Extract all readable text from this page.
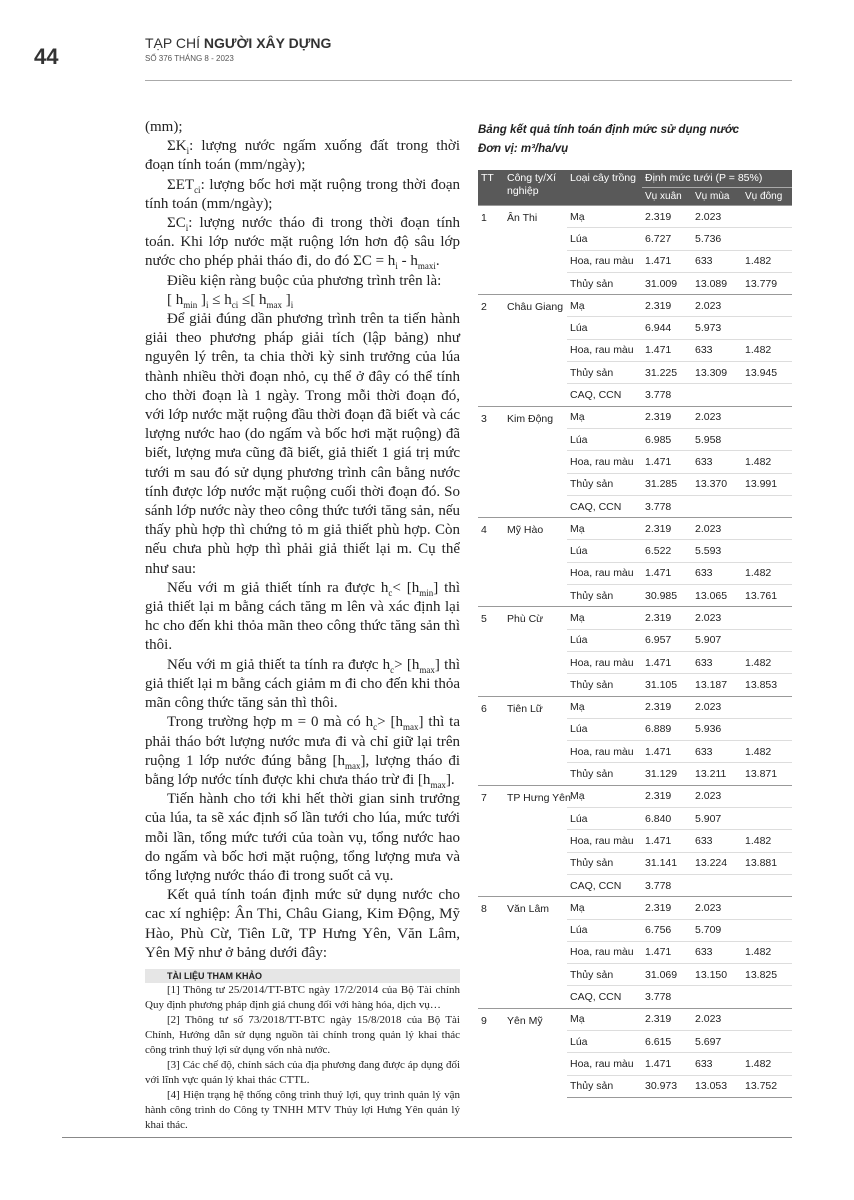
44
TẠP CHÍ NGƯỜI XÂY DỰNG
SỐ 376 THÁNG 8 - 2023

(mm);

$\Sigma K_i$: lượng nước ngấm xuống đất trong thời đoạn tính toán (mm/ngày);

$\Sigma ET_{ci}$: lượng bốc hơi mặt ruộng trong thời đoạn tính toán (mm/ngày);

$\Sigma C_i$: lượng nước tháo đi trong thời đoạn tính toán. Khi lớp nước mặt ruộng lớn hơn độ sâu lớp nước cho phép phải tháo đi, do đó $\Sigma C = h_i - h_{maxi}$.

Điều kiện ràng buộc của phương trình trên là:

[ $h_{min}$ ]$_i \le h_{ci}$ ≤[ $h_{max}$ ]$_i$

Để giải đúng dần phương trình trên ta tiến hành giải theo phương pháp giải tích (lập bảng) như nguyên lý trên, ta chia thời kỳ sinh trưởng của lúa thành nhiều thời đoạn nhỏ, cụ thể ở đây có thể tính cho thời đoạn là 1 ngày. Trong mỗi thời đoạn đó, với lớp nước mặt ruộng đầu thời đoạn đã biết và các lượng nước hao (do ngấm và bốc hơi mặt ruộng) đã biết, lượng mưa cũng đã biết, giả thiết 1 giá trị mức tưới m sau đó sử dụng phương trình cân bằng nước tính được lớp nước mặt ruộng cuối thời đoạn đó. So sánh lớp nước này theo công thức tưới tăng sản, nếu thấy phù hợp thì chứng tỏ m giả thiết phù hợp. Còn nếu chưa phù hợp thì phải giả thiết lại m. Cụ thể như sau:

Nếu với m giả thiết tính ra được $h_c< [h_{min}]$ thì giả thiết lại m bằng cách tăng m lên và xác định lại hc cho đến khi thỏa mãn theo công thức tăng sản thì thôi.

Nếu với m giả thiết ta tính ra được $h_c> [h_{max}]$ thì giả thiết lại m bằng cách giảm m đi cho đến khi thỏa mãn công thức tăng sản thì thôi.

Trong trường hợp m = 0 mà có $h_c> [h_{max}]$ thì ta phải tháo bớt lượng nước mưa đi và chỉ giữ lại trên ruộng 1 lớp nước đúng bằng $[h_{max}]$, lượng tháo đi bằng lớp nước tính được khi chưa tháo trừ đi $[h_{max}]$.

Tiến hành cho tới khi hết thời gian sinh trưởng của lúa, ta sẽ xác định số lần tưới cho lúa, mức tưới mỗi lần, tổng mức tưới của toàn vụ, tổng nước hao do ngấm và bốc hơi mặt ruộng, tổng lượng mưa và tổng lượng nước tháo đi trong suốt cả vụ.

Kết quả tính toán định mức sử dụng nước cho cac xí nghiệp: Ân Thi, Châu Giang, Kim Động, Mỹ Hào, Phù Cừ, Tiên Lữ, TP Hưng Yên, Văn Lâm, Yên Mỹ như ở bảng dưới đây:

TÀI LIỆU THAM KHẢO

[1] Thông tư 25/2014/TT-BTC ngày 17/2/2014 của Bộ Tài chính Quy định phương pháp định giá chung đối với hàng hóa, dịch vụ…

[2] Thông tư số 73/2018/TT-BTC ngày 15/8/2018 của Bộ Tài Chính, Hướng dẫn sử dụng nguồn tài chính trong quản lý khai thác công trình thuỷ lợi sử dụng vốn nhà nước.

[3] Các chế độ, chính sách của địa phương đang được áp dụng đối với lĩnh vực quản lý khai thác CTTL.

[4] Hiện trạng hệ thống công trình thuỷ lợi, quy trình quản lý vận hành công trình do Công ty TNHH MTV Thủy lợi Hưng Yên quản lý khai thác.

Bảng kết quả tính toán định mức sử dụng nước
Đơn vị: m³/ha/vụ
TT	Công ty/Xí nghiệp	Loại cây trồng	Định mức tưới (P = 85%)		
			Vụ xuân	Vụ mùa	Vụ đông
1	Ân Thi	Mạ	2.319	2.023	
		Lúa	6.727	5.736	
		Hoa, rau màu	1.471	633	1.482
		Thủy sản	31.009	13.089	13.779
2	Châu Giang	Mạ	2.319	2.023	
		Lúa	6.944	5.973	
		Hoa, rau màu	1.471	633	1.482
		Thủy sản	31.225	13.309	13.945
		CAQ, CCN	3.778		
3	Kim Động	Mạ	2.319	2.023	
		Lúa	6.985	5.958	
		Hoa, rau màu	1.471	633	1.482
		Thủy sản	31.285	13.370	13.991
		CAQ, CCN	3.778		
4	Mỹ Hào	Mạ	2.319	2.023	
		Lúa	6.522	5.593	
		Hoa, rau màu	1.471	633	1.482
		Thủy sản	30.985	13.065	13.761
5	Phù Cừ	Mạ	2.319	2.023	
		Lúa	6.957	5.907	
		Hoa, rau màu	1.471	633	1.482
		Thủy sản	31.105	13.187	13.853
6	Tiên Lữ	Mạ	2.319	2.023	
		Lúa	6.889	5.936	
		Hoa, rau màu	1.471	633	1.482
		Thủy sản	31.129	13.211	13.871
7	TP Hưng Yên	Mạ	2.319	2.023	
		Lúa	6.840	5.907	
		Hoa, rau màu	1.471	633	1.482
		Thủy sản	31.141	13.224	13.881
		CAQ, CCN	3.778		
8	Văn Lâm	Mạ	2.319	2.023	
		Lúa	6.756	5.709	
		Hoa, rau màu	1.471	633	1.482
		Thủy sản	31.069	13.150	13.825
		CAQ, CCN	3.778		
9	Yên Mỹ	Mạ	2.319	2.023	
		Lúa	6.615	5.697	
		Hoa, rau màu	1.471	633	1.482
		Thủy sản	30.973	13.053	13.752
